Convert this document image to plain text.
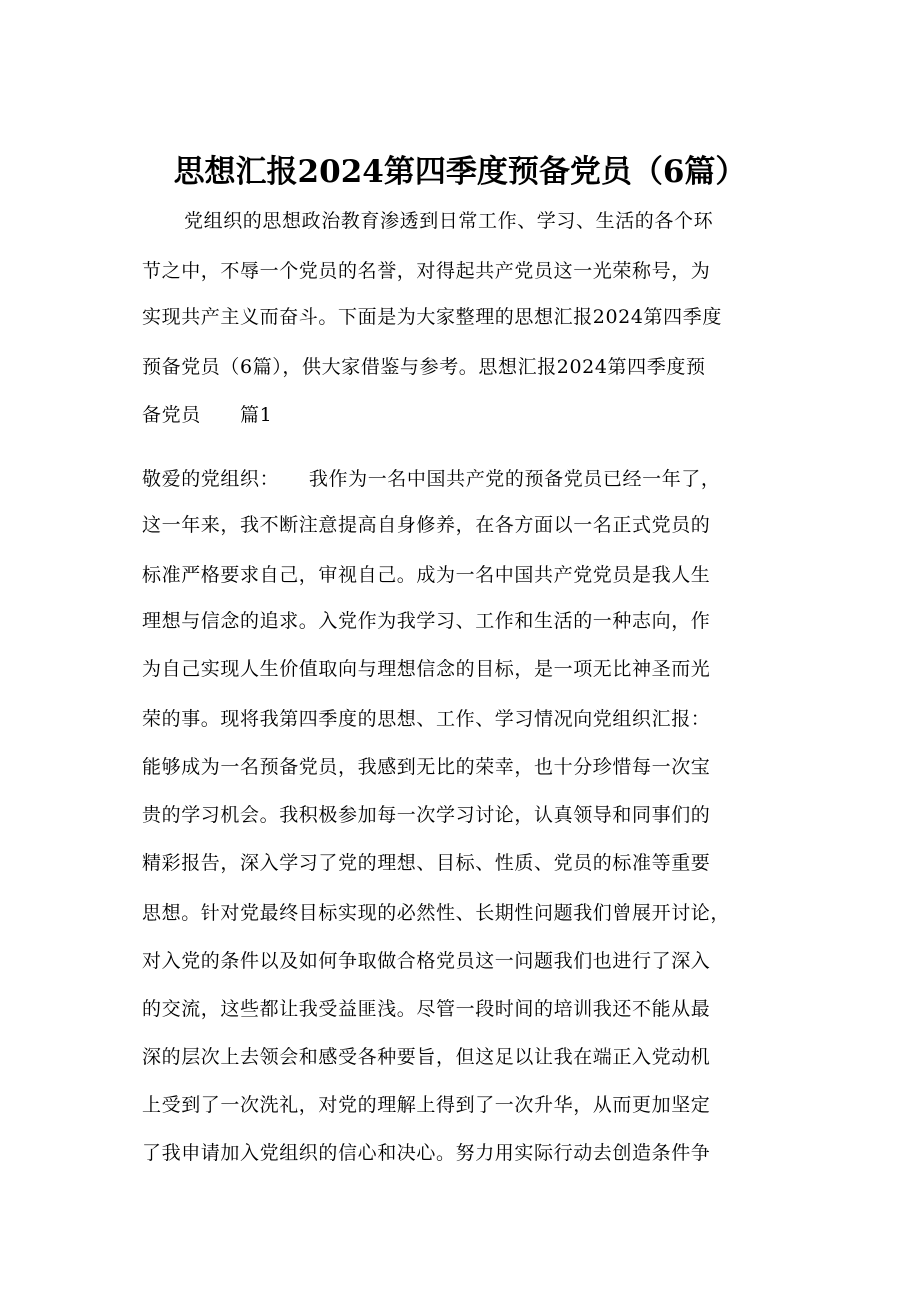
思想汇报2024第四季度预备党员（6篇）
党组织的思想政治教育渗透到日常工作、学习、生活的各个环
节之中，不辱一个党员的名誉，对得起共产党员这一光荣称号，为
实现共产主义而奋斗。下面是为大家整理的思想汇报2024第四季度
预备党员（6篇），供大家借鉴与参考。思想汇报2024第四季度预
备党员　　篇1
敬爱的党组织：　　我作为一名中国共产党的预备党员已经一年了，
这一年来，我不断注意提高自身修养，在各方面以一名正式党员的
标准严格要求自己，审视自己。成为一名中国共产党党员是我人生
理想与信念的追求。入党作为我学习、工作和生活的一种志向，作
为自己实现人生价值取向与理想信念的目标，是一项无比神圣而光
荣的事。现将我第四季度的思想、工作、学习情况向党组织汇报：
能够成为一名预备党员，我感到无比的荣幸，也十分珍惜每一次宝
贵的学习机会。我积极参加每一次学习讨论，认真领导和同事们的
精彩报告，深入学习了党的理想、目标、性质、党员的标准等重要
思想。针对党最终目标实现的必然性、长期性问题我们曾展开讨论，
对入党的条件以及如何争取做合格党员这一问题我们也进行了深入
的交流，这些都让我受益匪浅。尽管一段时间的培训我还不能从最
深的层次上去领会和感受各种要旨，但这足以让我在端正入党动机
上受到了一次洗礼，对党的理解上得到了一次升华，从而更加坚定
了我申请加入党组织的信心和决心。努力用实际行动去创造条件争
